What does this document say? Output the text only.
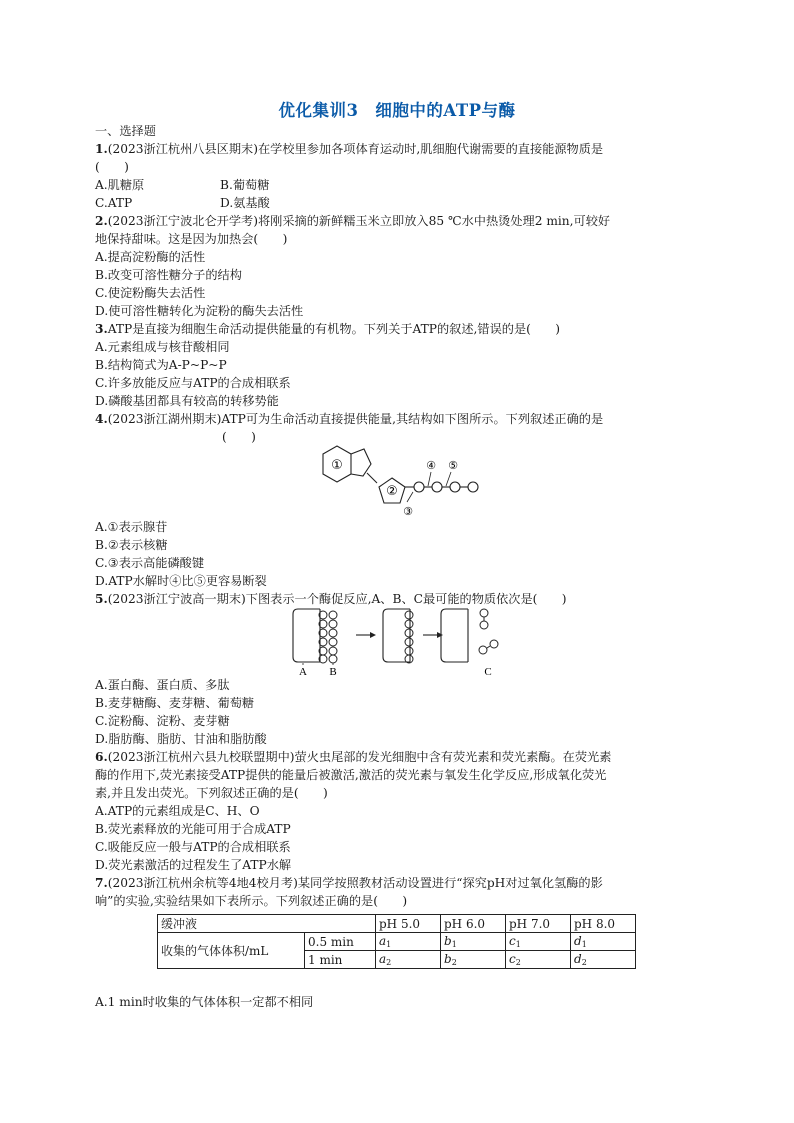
优化集训3　细胞中的ATP与酶
一、选择题
1.(2023浙江杭州八县区期末)在学校里参加各项体育运动时,肌细胞代谢需要的直接能源物质是
(　　)
A.肌糖原	B.葡萄糖
C.ATP	D.氨基酸
2.(2023浙江宁波北仑开学考)将刚采摘的新鲜糯玉米立即放入85 ℃水中热烫处理2 min,可较好
地保持甜味。这是因为加热会(　　)
A.提高淀粉酶的活性
B.改变可溶性糖分子的结构
C.使淀粉酶失去活性
D.使可溶性糖转化为淀粉的酶失去活性
3.ATP是直接为细胞生命活动提供能量的有机物。下列关于ATP的叙述,错误的是(　　)
A.元素组成与核苷酸相同
B.结构简式为A-P~P~P
C.许多放能反应与ATP的合成相联系
D.磷酸基团都具有较高的转移势能
4.(2023浙江湖州期末)ATP可为生命活动直接提供能量,其结构如下图所示。下列叙述正确的是
(　　)
①
②
③
④ ⑤
A.①表示腺苷
B.②表示核糖
C.③表示高能磷酸键
D.ATP水解时④比⑤更容易断裂
5.(2023浙江宁波高一期末)下图表示一个酶促反应,A、B、C最可能的物质依次是(　　)
A B	C
A.蛋白酶、蛋白质、多肽
B.麦芽糖酶、麦芽糖、葡萄糖
C.淀粉酶、淀粉、麦芽糖
D.脂肪酶、脂肪、甘油和脂肪酸
6.(2023浙江杭州六县九校联盟期中)萤火虫尾部的发光细胞中含有荧光素和荧光素酶。在荧光素
酶的作用下,荧光素接受ATP提供的能量后被激活,激活的荧光素与氧发生化学反应,形成氧化荧光
素,并且发出荧光。下列叙述正确的是(　　)
A.ATP的元素组成是C、H、O
B.荧光素释放的光能可用于合成ATP
C.吸能反应一般与ATP的合成相联系
D.荧光素激活的过程发生了ATP水解
7.(2023浙江杭州余杭等4地4校月考)某同学按照教材活动设置进行“探究pH对过氧化氢酶的影
响”的实验,实验结果如下表所示。下列叙述正确的是(　　)
缓冲液		pH 5.0	pH 6.0	pH 7.0	pH 8.0
收集的气体体积/mL	0.5 min	$a_1$	$b_1$	$c_1$	$d_1$
	1 min	$a_2$	$b_2$	$c_2$	$d_2$
A.1 min时收集的气体体积一定都不相同
